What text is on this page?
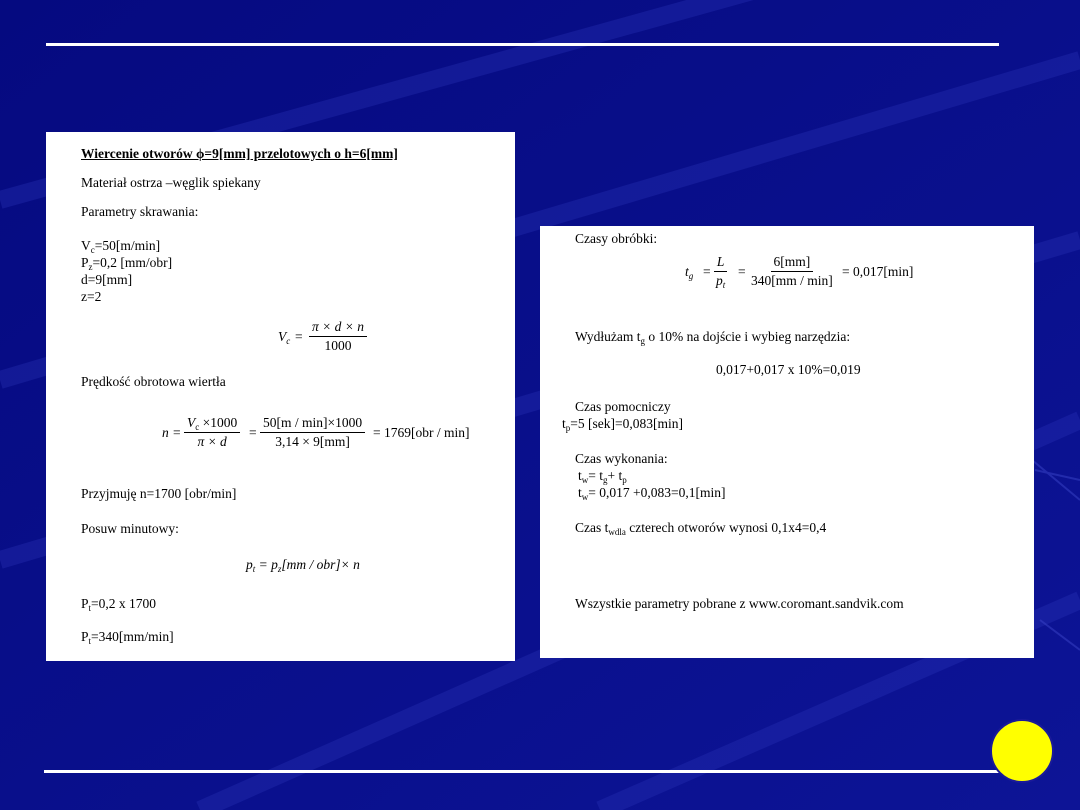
Wiercenie otworów ϕ=9[mm] przelotowych o h=6[mm]
Materiał ostrza –węglik spiekany
Parametry skrawania:
$V_c=50[m/\min]$
$P_z=0,2$ [mm/obr]
d=9[mm]
z=2
$V_c = \frac{\pi \times d \times n}{1000}$
Prędkość obrotowa wiertła
$n = \frac{V_c \times 1000}{\pi \times d}$ =
50[m / min]×1000
3,14 × 9[mm]
= 1769[obr / min]
Przyjmuję n=1700 [obr/min]
Posuw minutowy:
$p_t = p_z[mm / obr]\times n$
$P_t=0,2$ x 1700
$P_t=340[mm/\min]$
Czasy obróbki:
$t_g = \frac{L}{p_t}$ =
6[mm]
340[mm / min]
= 0,017[min]
Wydłużam $t_g$ o 10% na dojście i wybieg narzędzia:
0,017+0,017 x 10%=0,019
Czas pomocniczy
$t_p=5$ [sek]=0,083[min]
Czas wykonania:
$t_w= t_g+ t_p$
$t_w= 0,017 +0,083=0,1[\min]$
Czas $t_{wdla}$ czterech otworów wynosi 0,1x4=0,4
Wszystkie parametry pobrane z www.coromant.sandvik.com
